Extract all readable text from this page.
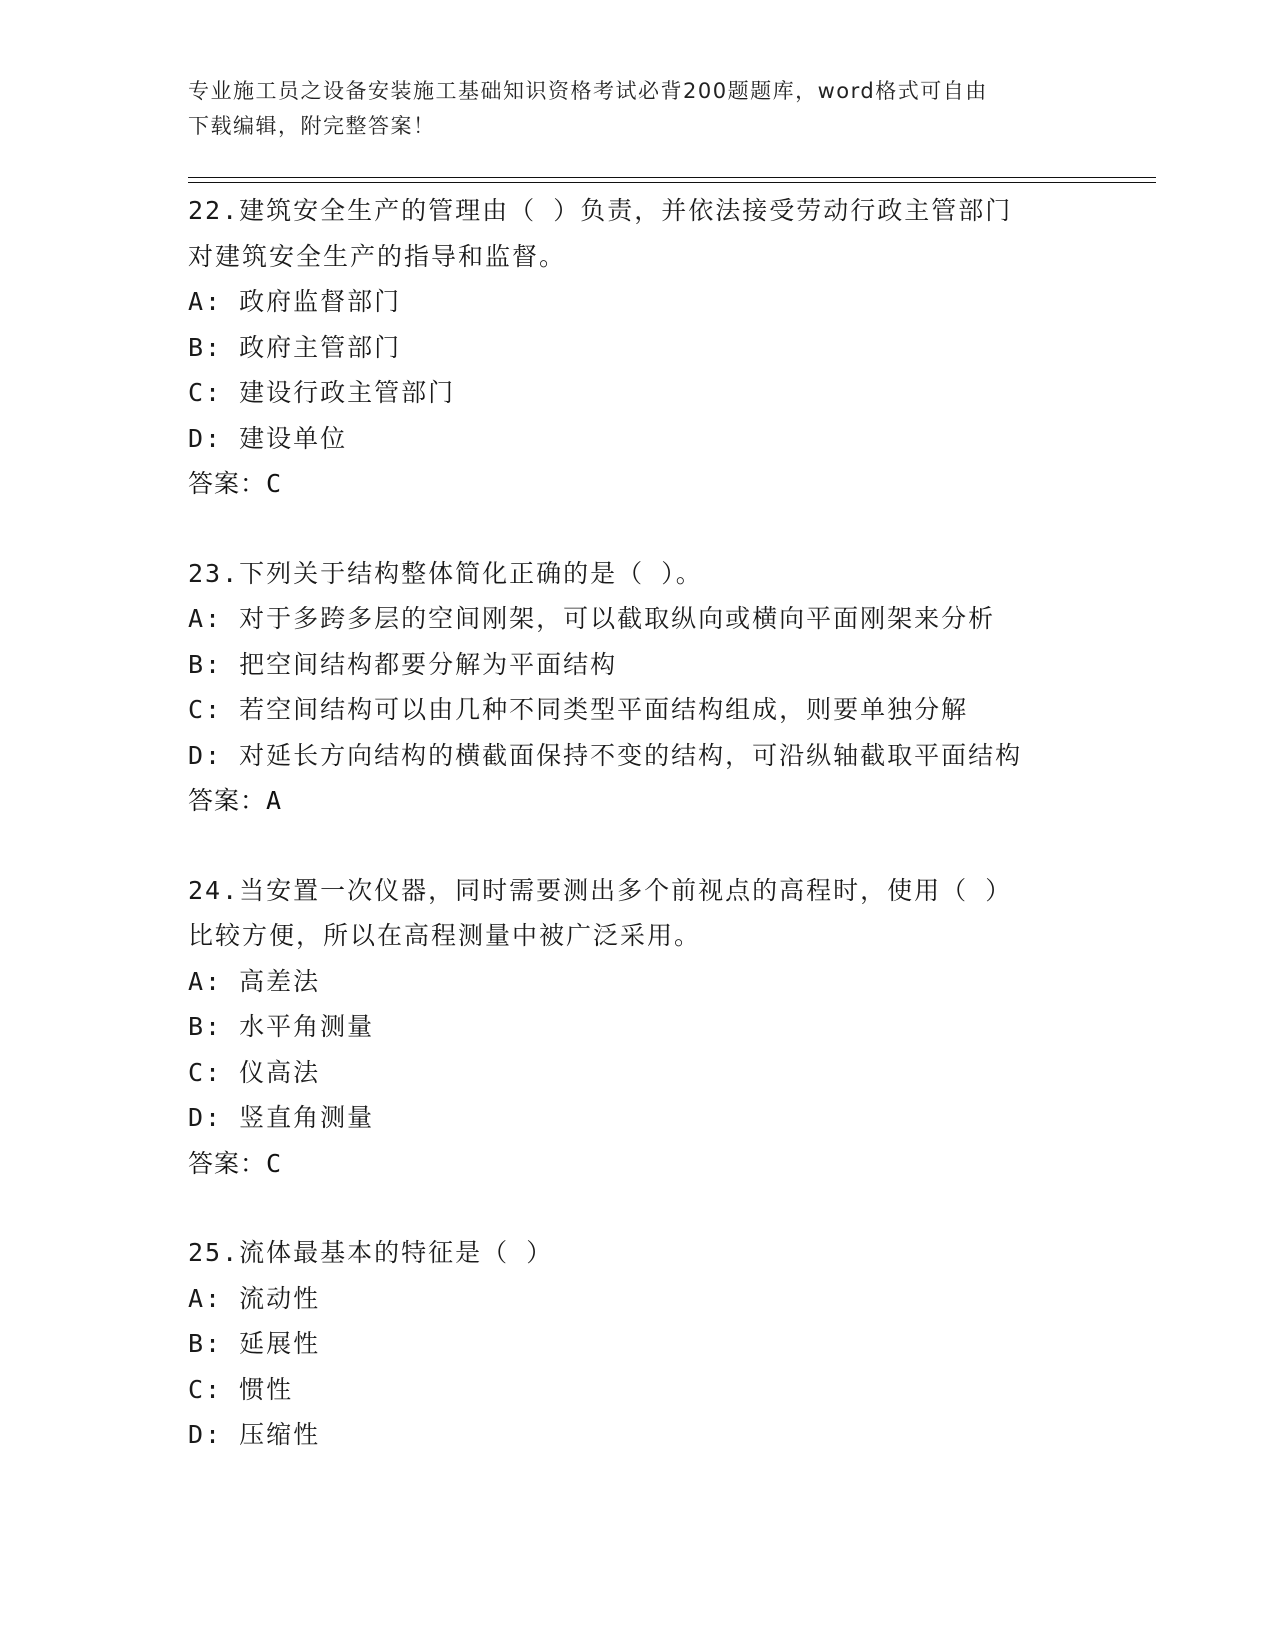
专业施工员之设备安装施工基础知识资格考试必背200题题库，word格式可自由
下载编辑，附完整答案！
22.建筑安全生产的管理由（ ）负责，并依法接受劳动行政主管部门
对建筑安全生产的指导和监督。
A: 政府监督部门
B: 政府主管部门
C: 建设行政主管部门
D: 建设单位
答案：C
23.下列关于结构整体简化正确的是（ ）。
A: 对于多跨多层的空间刚架，可以截取纵向或横向平面刚架来分析
B: 把空间结构都要分解为平面结构
C: 若空间结构可以由几种不同类型平面结构组成，则要单独分解
D: 对延长方向结构的横截面保持不变的结构，可沿纵轴截取平面结构
答案：A
24.当安置一次仪器，同时需要测出多个前视点的高程时，使用（ ）
比较方便，所以在高程测量中被广泛采用。
A: 高差法
B: 水平角测量
C: 仪高法
D: 竖直角测量
答案：C
25.流体最基本的特征是（ ）
A: 流动性
B: 延展性
C: 惯性
D: 压缩性
